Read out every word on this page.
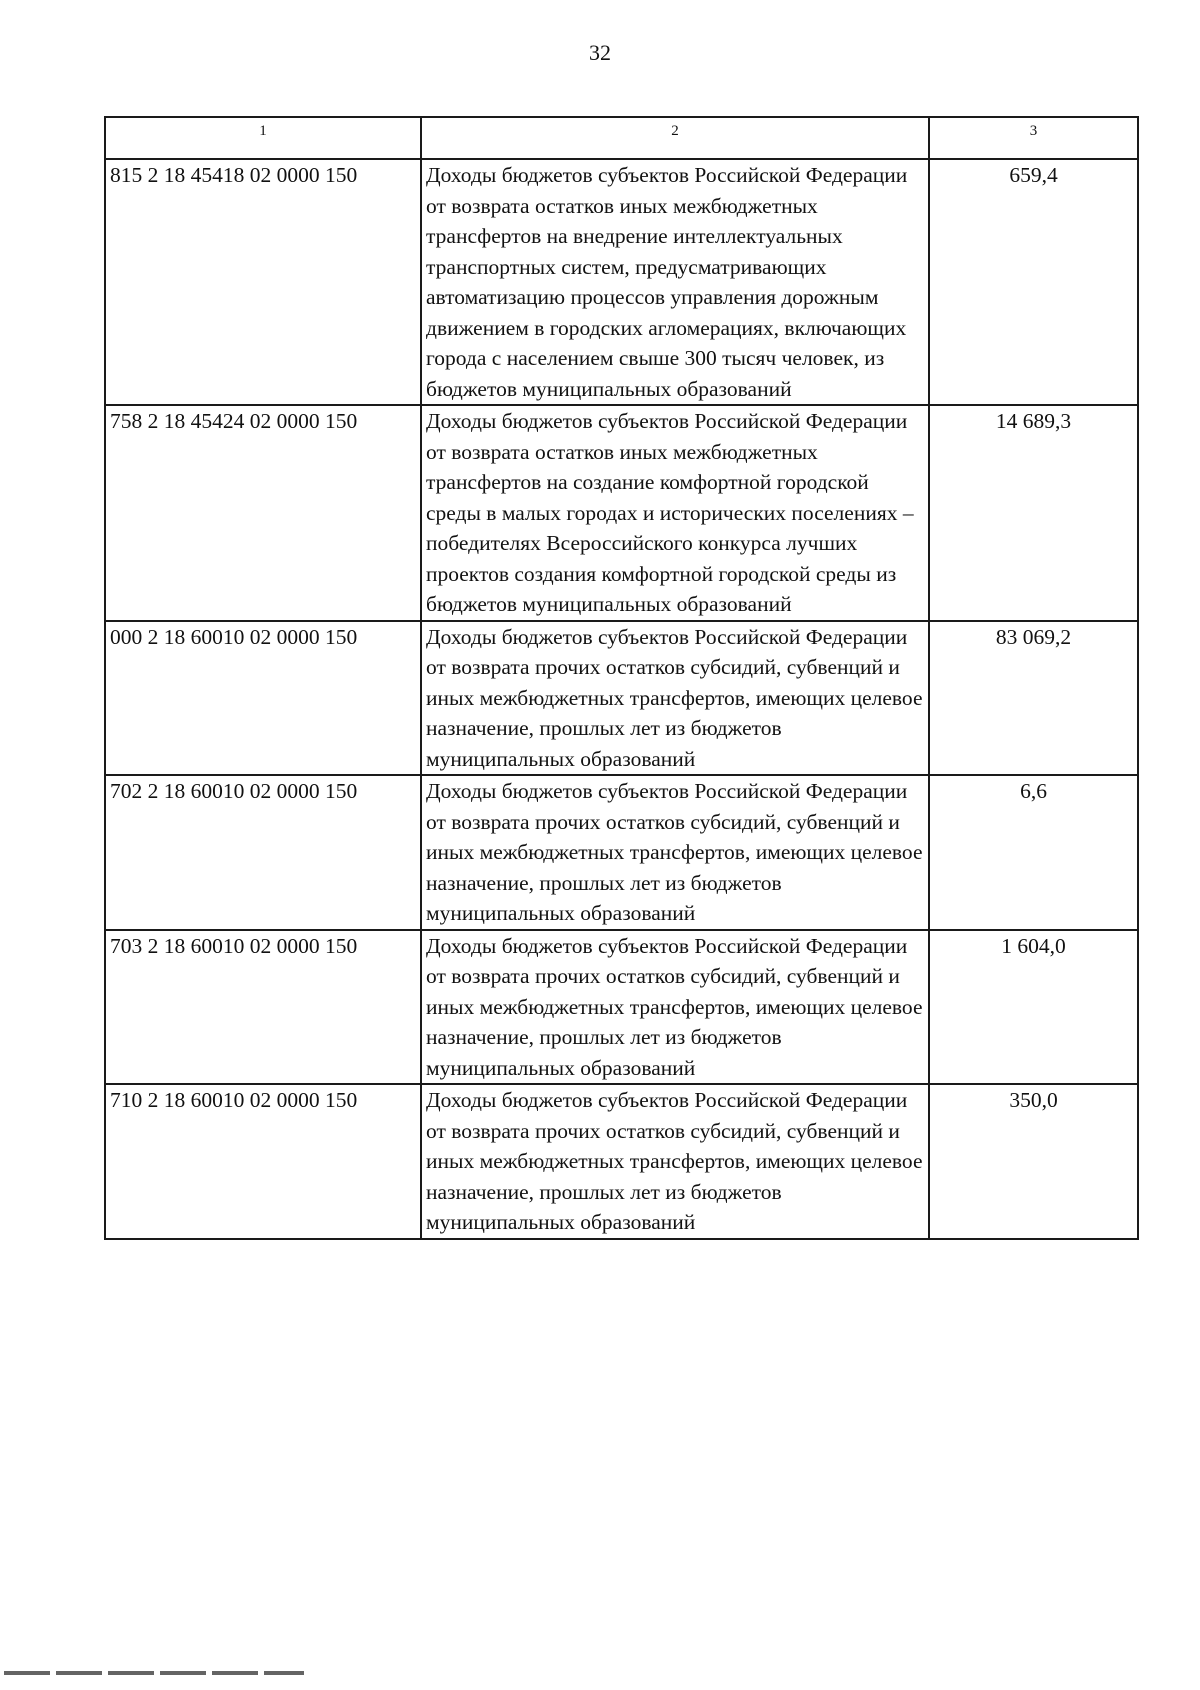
32
1	2	3
815 2 18 45418 02 0000 150	Доходы бюджетов субъектов Российской Федерации от возврата остатков иных межбюджетных трансфертов на внедрение интеллектуальных транспортных систем, предусматривающих автоматизацию процессов управления дорожным движением в городских агломерациях, включающих города с населением свыше 300 тысяч человек, из бюджетов муниципальных образований	659,4
758 2 18 45424 02 0000 150	Доходы бюджетов субъектов Российской Федерации от возврата остатков иных межбюджетных трансфертов на создание комфортной городской среды в малых городах и исторических поселениях – победителях Всероссийского конкурса лучших проектов создания комфортной городской среды из бюджетов муниципальных образований	14 689,3
000 2 18 60010 02 0000 150	Доходы бюджетов субъектов Российской Федерации от возврата прочих остатков субсидий, субвенций и иных межбюджетных трансфертов, имеющих целевое назначение, прошлых лет из бюджетов муниципальных образований	83 069,2
702 2 18 60010 02 0000 150	Доходы бюджетов субъектов Российской Федерации от возврата прочих остатков субсидий, субвенций и иных межбюджетных трансфертов, имеющих целевое назначение, прошлых лет из бюджетов муниципальных образований	6,6
703 2 18 60010 02 0000 150	Доходы бюджетов субъектов Российской Федерации от возврата прочих остатков субсидий, субвенций и иных межбюджетных трансфертов, имеющих целевое назначение, прошлых лет из бюджетов муниципальных образований	1 604,0
710 2 18 60010 02 0000 150	Доходы бюджетов субъектов Российской Федерации от возврата прочих остатков субсидий, субвенций и иных межбюджетных трансфертов, имеющих целевое назначение, прошлых лет из бюджетов муниципальных образований	350,0
